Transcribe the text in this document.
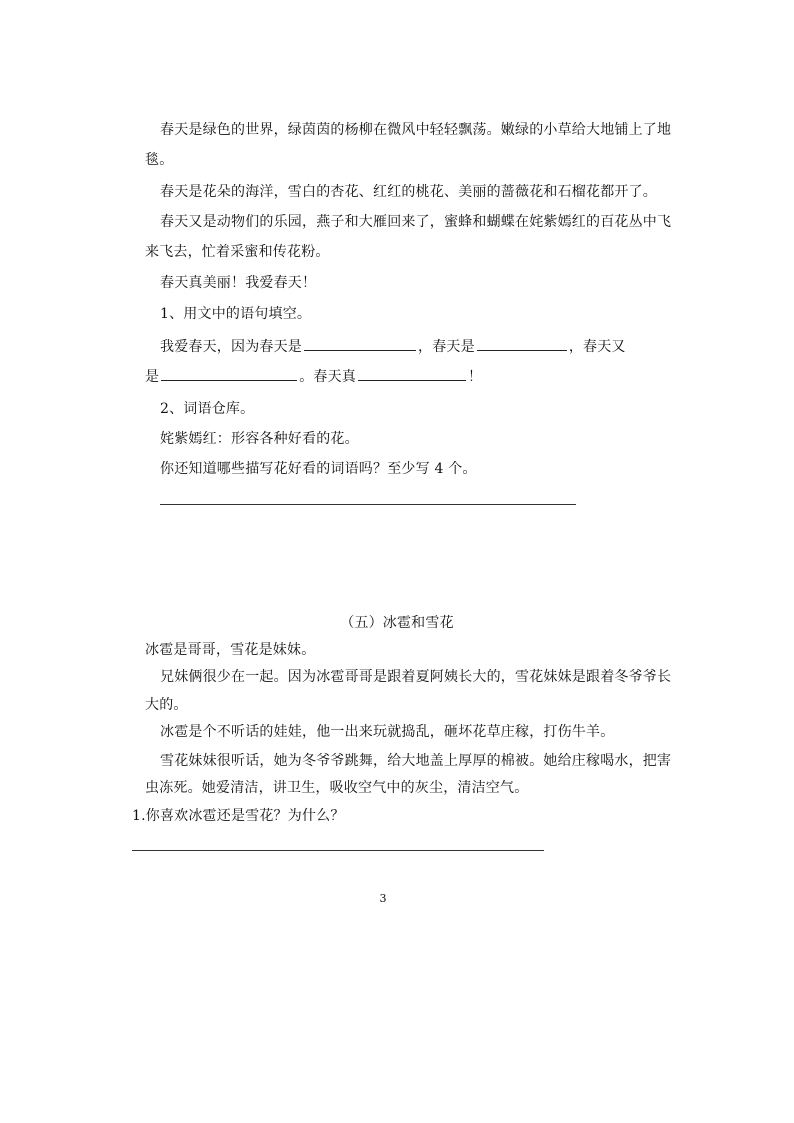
春天是绿色的世界，绿茵茵的杨柳在微风中轻轻飘荡。嫩绿的小草给大地铺上了地
毯。
春天是花朵的海洋，雪白的杏花、红红的桃花、美丽的蔷薇花和石榴花都开了。
春天又是动物们的乐园，燕子和大雁回来了，蜜蜂和蝴蝶在姹紫嫣红的百花丛中飞
来飞去，忙着采蜜和传花粉。
春天真美丽！我爱春天！
1、用文中的语句填空。
我爱春天，因为春天是	，春天是	，春天又
是	。春天真	！
2、词语仓库。
姹紫嫣红：形容各种好看的花。
你还知道哪些描写花好看的词语吗？至少写 4 个。
（五）冰雹和雪花
冰雹是哥哥，雪花是妹妹。
兄妹俩很少在一起。因为冰雹哥哥是跟着夏阿姨长大的，雪花妹妹是跟着冬爷爷长
大的。
冰雹是个不听话的娃娃，他一出来玩就捣乱，砸坏花草庄稼，打伤牛羊。
雪花妹妹很听话，她为冬爷爷跳舞，给大地盖上厚厚的棉被。她给庄稼喝水，把害
虫冻死。她爱清洁，讲卫生，吸收空气中的灰尘，清洁空气。
1.你喜欢冰雹还是雪花？为什么？
3
